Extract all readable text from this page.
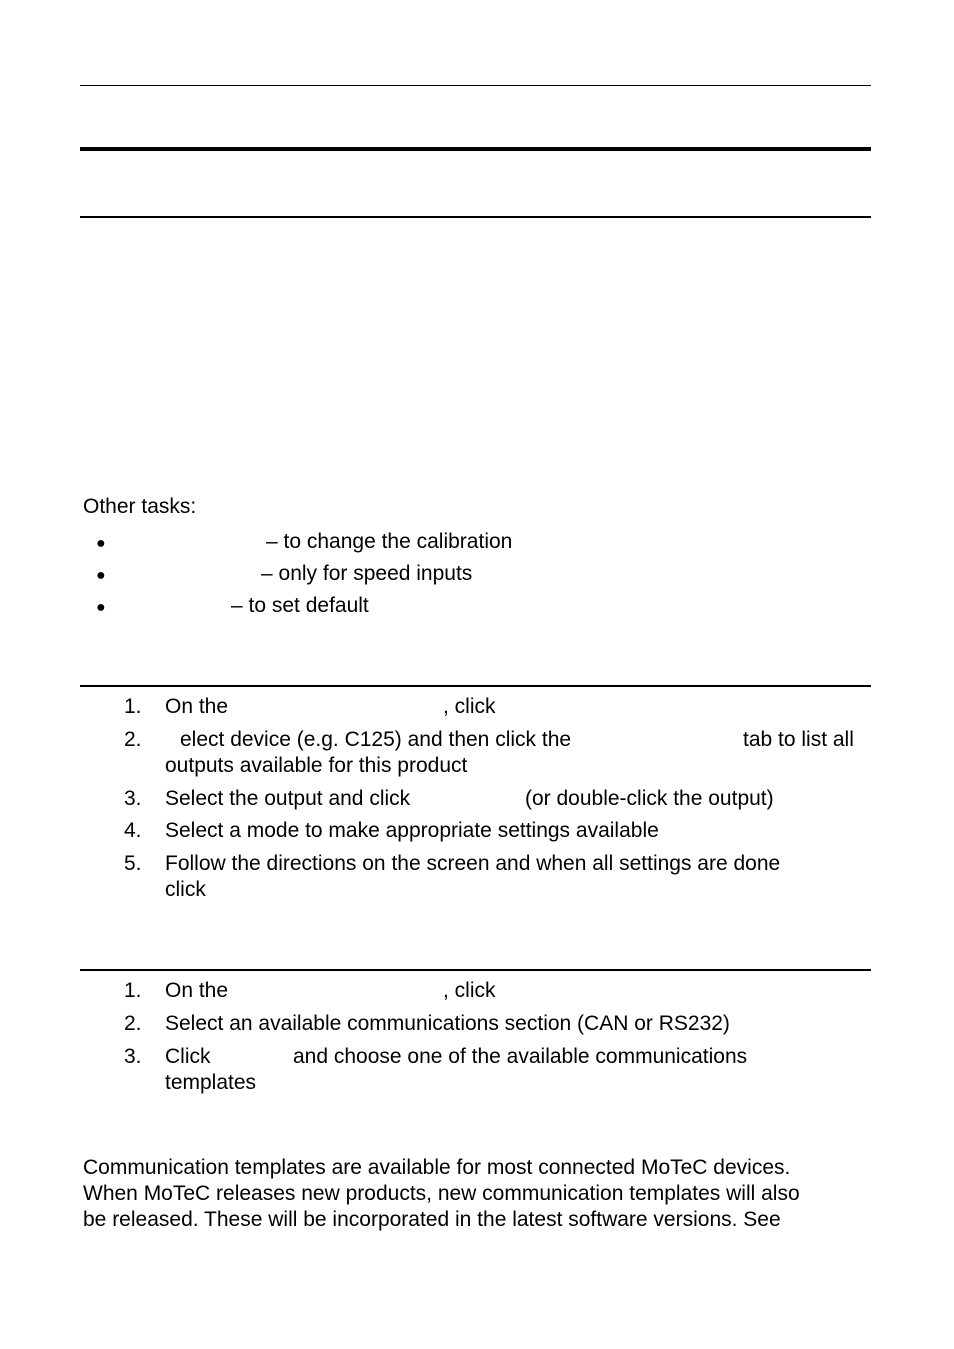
Other tasks:
●	– to change the calibration
●	– only for speed inputs
●	– to set default
1. On the	, click
2. elect device (e.g. C125) and then click the	tab to list all
outputs available for this product
3. Select the output and click	(or double-click the output)
4. Select a mode to make appropriate settings available
5. Follow the directions on the screen and when all settings are done
click
1. On the	, click
2. Select an available communications section (CAN or RS232)
3. Click	and choose one of the available communications
templates
Communication templates are available for most connected MoTeC devices.
When MoTeC releases new products, new communication templates will also
be released. These will be incorporated in the latest software versions. See
